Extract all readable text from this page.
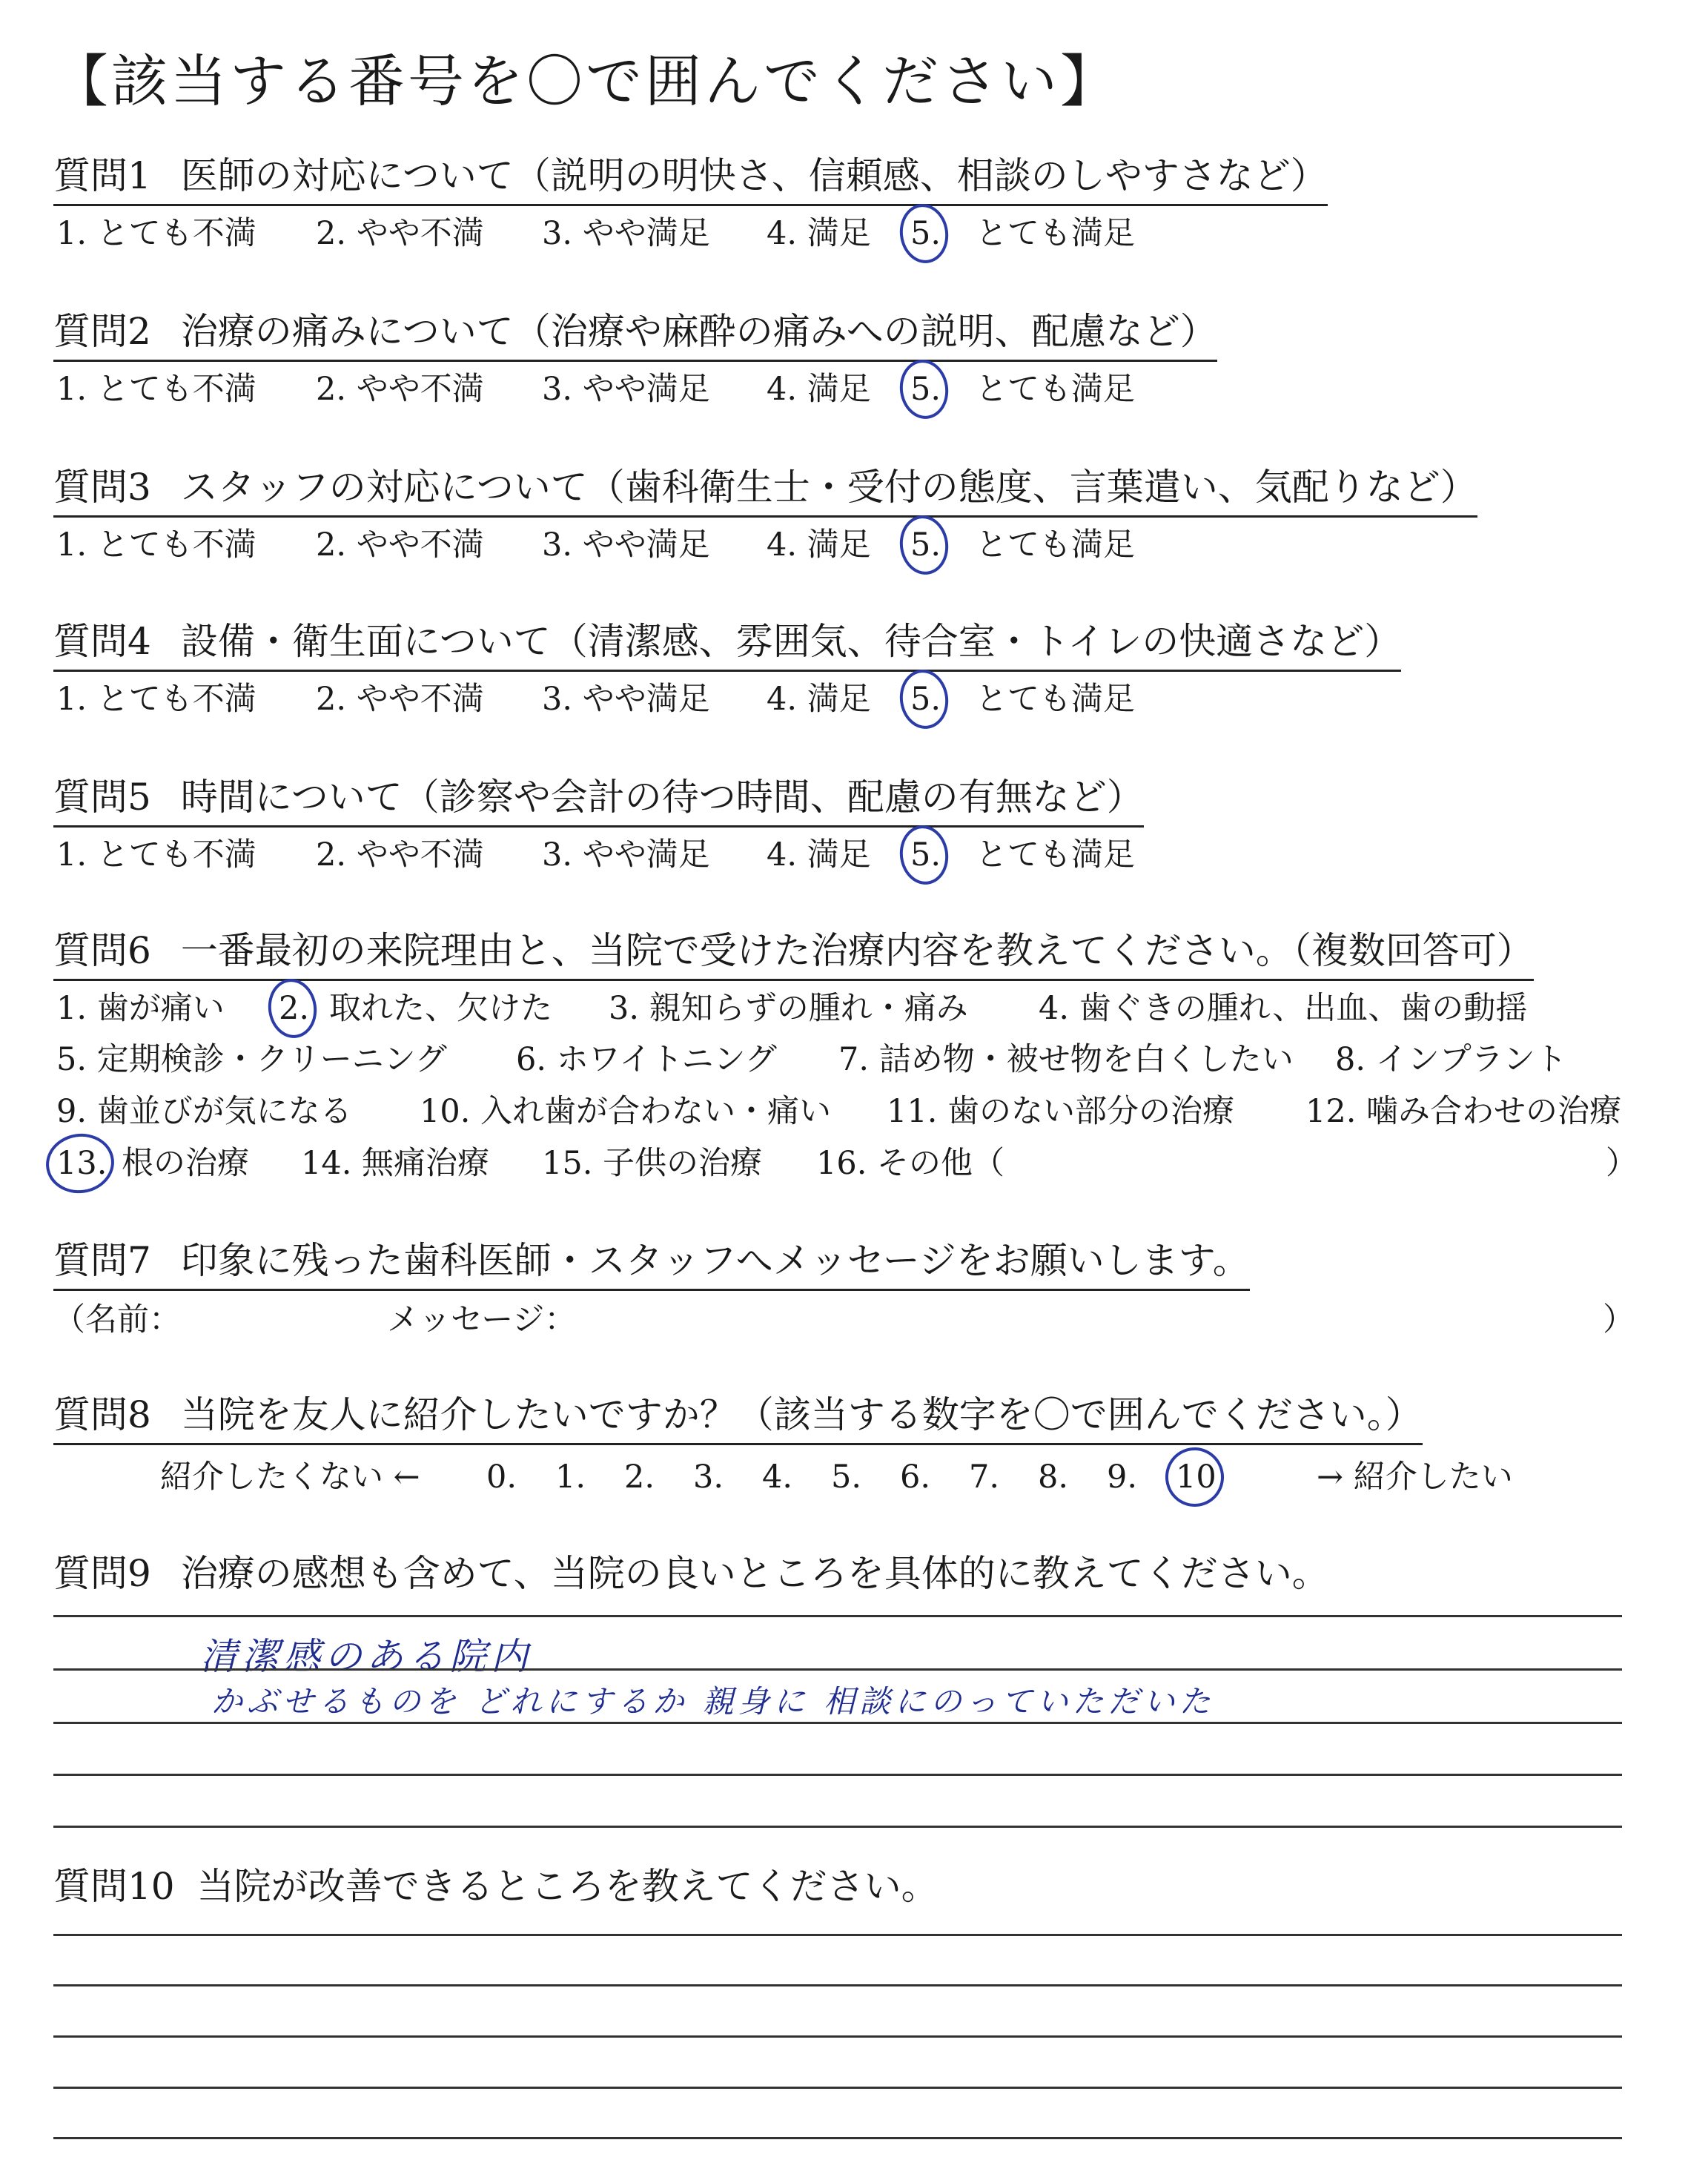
【該当する番号を〇で囲んでください】
質問1 医師の対応について（説明の明快さ、信頼感、相談のしやすさなど）
1. とても不満 2. やや不満 3. やや満足 4. 満足 5. とても満足
質問2 治療の痛みについて（治療や麻酔の痛みへの説明、配慮など）
1. とても不満 2. やや不満 3. やや満足 4. 満足 5. とても満足
質問3 スタッフの対応について（歯科衛生士・受付の態度、言葉遣い、気配りなど）
1. とても不満 2. やや不満 3. やや満足 4. 満足 5. とても満足
質問4 設備・衛生面について（清潔感、雰囲気、待合室・トイレの快適さなど）
1. とても不満 2. やや不満 3. やや満足 4. 満足 5. とても満足
質問5 時間について（診察や会計の待つ時間、配慮の有無など）
1. とても不満 2. やや不満 3. やや満足 4. 満足 5. とても満足
質問6 一番最初の来院理由と、当院で受けた治療内容を教えてください。（複数回答可）
1. 歯が痛い 2. 取れた、欠けた 3. 親知らずの腫れ・痛み 4. 歯ぐきの腫れ、出血、歯の動揺
5. 定期検診・クリーニング 6. ホワイトニング 7. 詰め物・被せ物を白くしたい 8. インプラント
9. 歯並びが気になる 10. 入れ歯が合わない・痛い 11. 歯のない部分の治療 12. 噛み合わせの治療
13. 根の治療 14. 無痛治療 15. 子供の治療 16. その他（	）
質問7 印象に残った歯科医師・スタッフへメッセージをお願いします。
（名前：	メッセージ：	）
質問8 当院を友人に紹介したいですか？（該当する数字を〇で囲んでください。）
紹介したくない ←	→ 紹介したい
0. 1. 2. 3. 4. 5. 6. 7. 8. 9. 10
質問9 治療の感想も含めて、当院の良いところを具体的に教えてください。
清潔感のある院内
かぶせるものを どれにするか 親身に 相談にのっていただいた
質問10 当院が改善できるところを教えてください。
